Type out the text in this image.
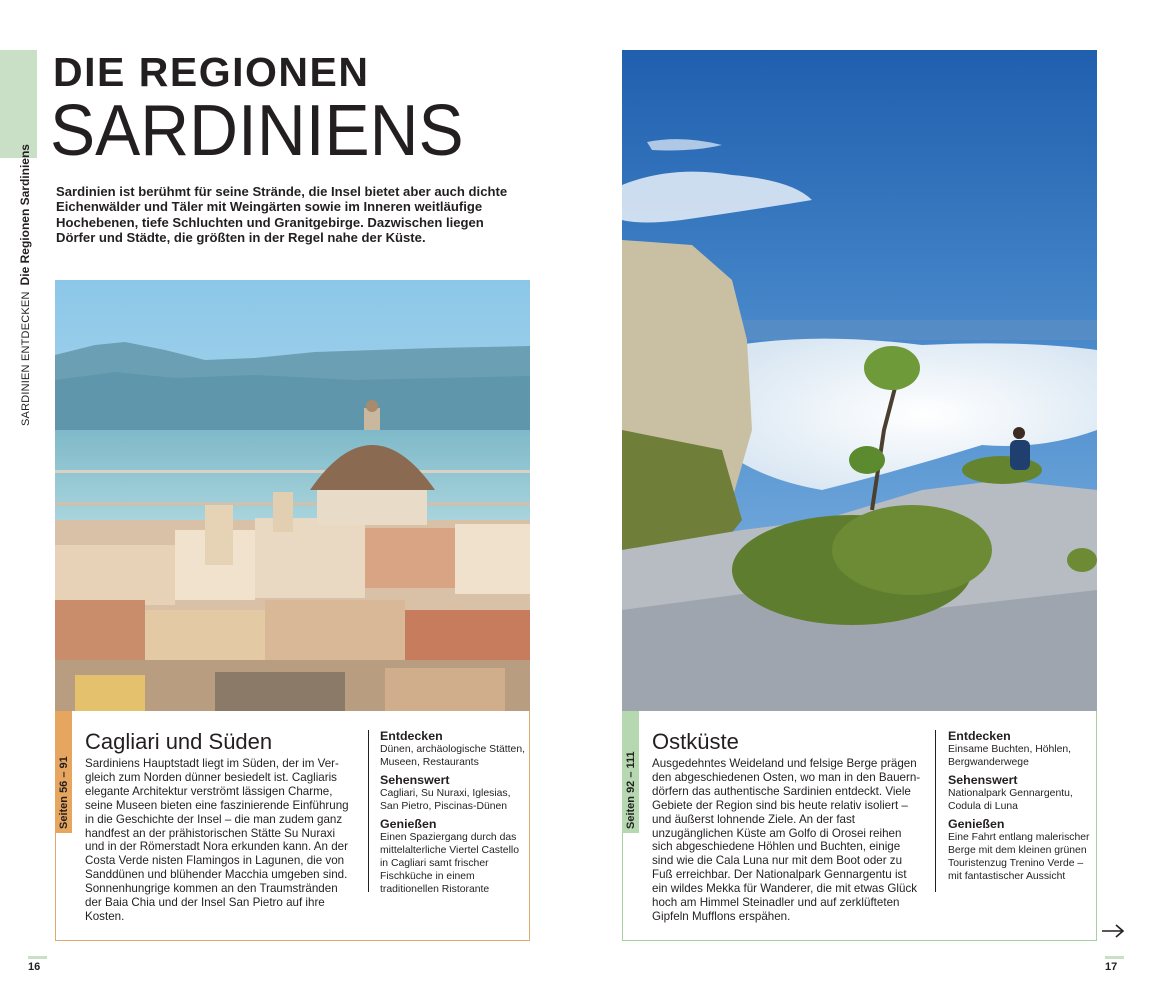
SARDINIEN ENTDECKENDie Regionen Sardiniens
DIE REGIONEN
SARDINIENS
Sardinien ist berühmt für seine Strände, die Insel bietet aber auch dichte Eichenwälder und Täler mit Weingärten sowie im Inneren weitläufige Hochebenen, tiefe Schluchten und Granitgebirge. Dazwischen liegen Dörfer und Städte, die größten in der Regel nahe der Küste.
Seiten 56 – 91
Cagliari und Süden
Sardiniens Hauptstadt liegt im Süden, der im Vergleich zum Norden dünner besiedelt ist. Cagliaris elegante Architektur verströmt lässigen Charme, seine Museen bieten eine faszinierende Einführung in die Geschichte der Insel – die man zudem ganz handfest an der prähistorischen Stätte Su Nuraxi und in der Römerstadt Nora erkunden kann. An der Costa Verde nisten Flamingos in Lagunen, die von Sanddünen und blühender Macchia umgeben sind. Sonnenhungrige kommen an den Traumstränden der Baia Chia und der Insel San Pietro auf ihre Kosten.
Entdecken
Dünen, archäologische Stätten, Museen, Restaurants
Sehenswert
Cagliari, Su Nuraxi, Iglesias, San Pietro, Piscinas-Dünen
Genießen
Einen Spaziergang durch das mittelalterliche Viertel Castello in Cagliari samt frischer Fischküche in einem traditionellen Ristorante
Seiten 92 – 111
Ostküste
Ausgedehntes Weideland und felsige Berge prägen den abgeschiedenen Osten, wo man in den Bauerndörfern das authentische Sardinien entdeckt. Viele Gebiete der Region sind bis heute relativ isoliert – und äußerst lohnende Ziele. An der fast unzugänglichen Küste am Golfo di Orosei reihen sich abgeschiedene Höhlen und Buchten, einige sind wie die Cala Luna nur mit dem Boot oder zu Fuß erreichbar. Der Nationalpark Gennargentu ist ein wildes Mekka für Wanderer, die mit etwas Glück hoch am Himmel Steinadler und auf zerklüfteten Gipfeln Mufflons erspähen.
Entdecken
Einsame Buchten, Höhlen, Bergwanderwege
Sehenswert
Nationalpark Gennargentu, Codula di Luna
Genießen
Eine Fahrt entlang malerischer Berge mit dem kleinen grünen Touristenzug Trenino Verde – mit fantastischer Aussicht
16	17
